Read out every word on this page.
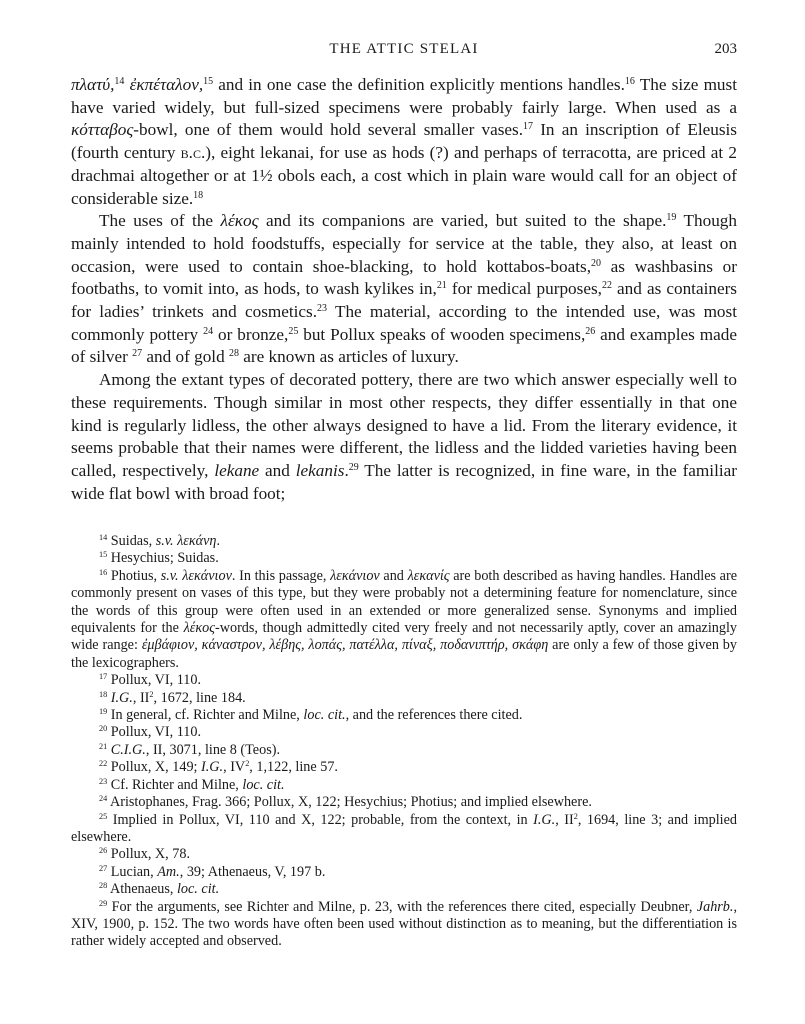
THE ATTIC STELAI	203

πλατύ,$^{14}$ ἐκπέταλον,$^{15}$ and in one case the definition explicitly mentions handles.$^{16}$ The size must have varied widely, but full-sized specimens were probably fairly large. When used as a κότταβος-bowl, one of them would hold several smaller vases.$^{17}$ In an inscription of Eleusis (fourth century b.c.), eight lekanai, for use as hods (?) and perhaps of terracotta, are priced at 2 drachmai altogether or at 1½ obols each, a cost which in plain ware would call for an object of considerable size.$^{18}$

The uses of the λέκος and its companions are varied, but suited to the shape.$^{19}$ Though mainly intended to hold foodstuffs, especially for service at the table, they also, at least on occasion, were used to contain shoe-blacking, to hold kottabos-boats,$^{20}$ as washbasins or footbaths, to vomit into, as hods, to wash kylikes in,$^{21}$ for medical purposes,$^{22}$ and as containers for ladies’ trinkets and cosmetics.$^{23}$ The material, according to the intended use, was most commonly pottery $^{24}$ or bronze,$^{25}$ but Pollux speaks of wooden specimens,$^{26}$ and examples made of silver $^{27}$ and of gold $^{28}$ are known as articles of luxury.

Among the extant types of decorated pottery, there are two which answer especially well to these requirements. Though similar in most other respects, they differ essentially in that one kind is regularly lidless, the other always designed to have a lid. From the literary evidence, it seems probable that their names were different, the lidless and the lidded varieties having been called, respectively, lekane and lekanis.$^{29}$ The latter is recognized, in fine ware, in the familiar wide flat bowl with broad foot;

$^{14}$ Suidas, s.v. λεκάνη.

$^{15}$ Hesychius; Suidas.

$^{16}$ Photius, s.v. λεκάνιον. In this passage, λεκάνιον and λεκανίς are both described as having handles. Handles are commonly present on vases of this type, but they were probably not a determining feature for nomenclature, since the words of this group were often used in an extended or more generalized sense. Synonyms and implied equivalents for the λέκος-words, though admittedly cited very freely and not necessarily aptly, cover an amazingly wide range: ἐμβάφιον, κάναστρον, λέβης, λοπάς, πατέλλα, πίναξ, ποδανιπτήρ, σκάφη are only a few of those given by the lexicographers.

$^{17}$ Pollux, VI, 110.

$^{18}$ I.G., $II^2$, 1672, line 184.

$^{19}$ In general, cf. Richter and Milne, loc. cit., and the references there cited.

$^{20}$ Pollux, VI, 110.

$^{21}$ C.I.G., II, 3071, line 8 (Teos).

$^{22}$ Pollux, X, 149; I.G., $IV^2$, 1,122, line 57.

$^{23}$ Cf. Richter and Milne, loc. cit.

$^{24}$ Aristophanes, Frag. 366; Pollux, X, 122; Hesychius; Photius; and implied elsewhere.

$^{25}$ Implied in Pollux, VI, 110 and X, 122; probable, from the context, in I.G., $II^2$, 1694, line 3; and implied elsewhere.

$^{26}$ Pollux, X, 78.

$^{27}$ Lucian, Am., 39; Athenaeus, V, 197 b.

$^{28}$ Athenaeus, loc. cit.

$^{29}$ For the arguments, see Richter and Milne, p. 23, with the references there cited, especially Deubner, Jahrb., XIV, 1900, p. 152. The two words have often been used without distinction as to meaning, but the differentiation is rather widely accepted and observed.
